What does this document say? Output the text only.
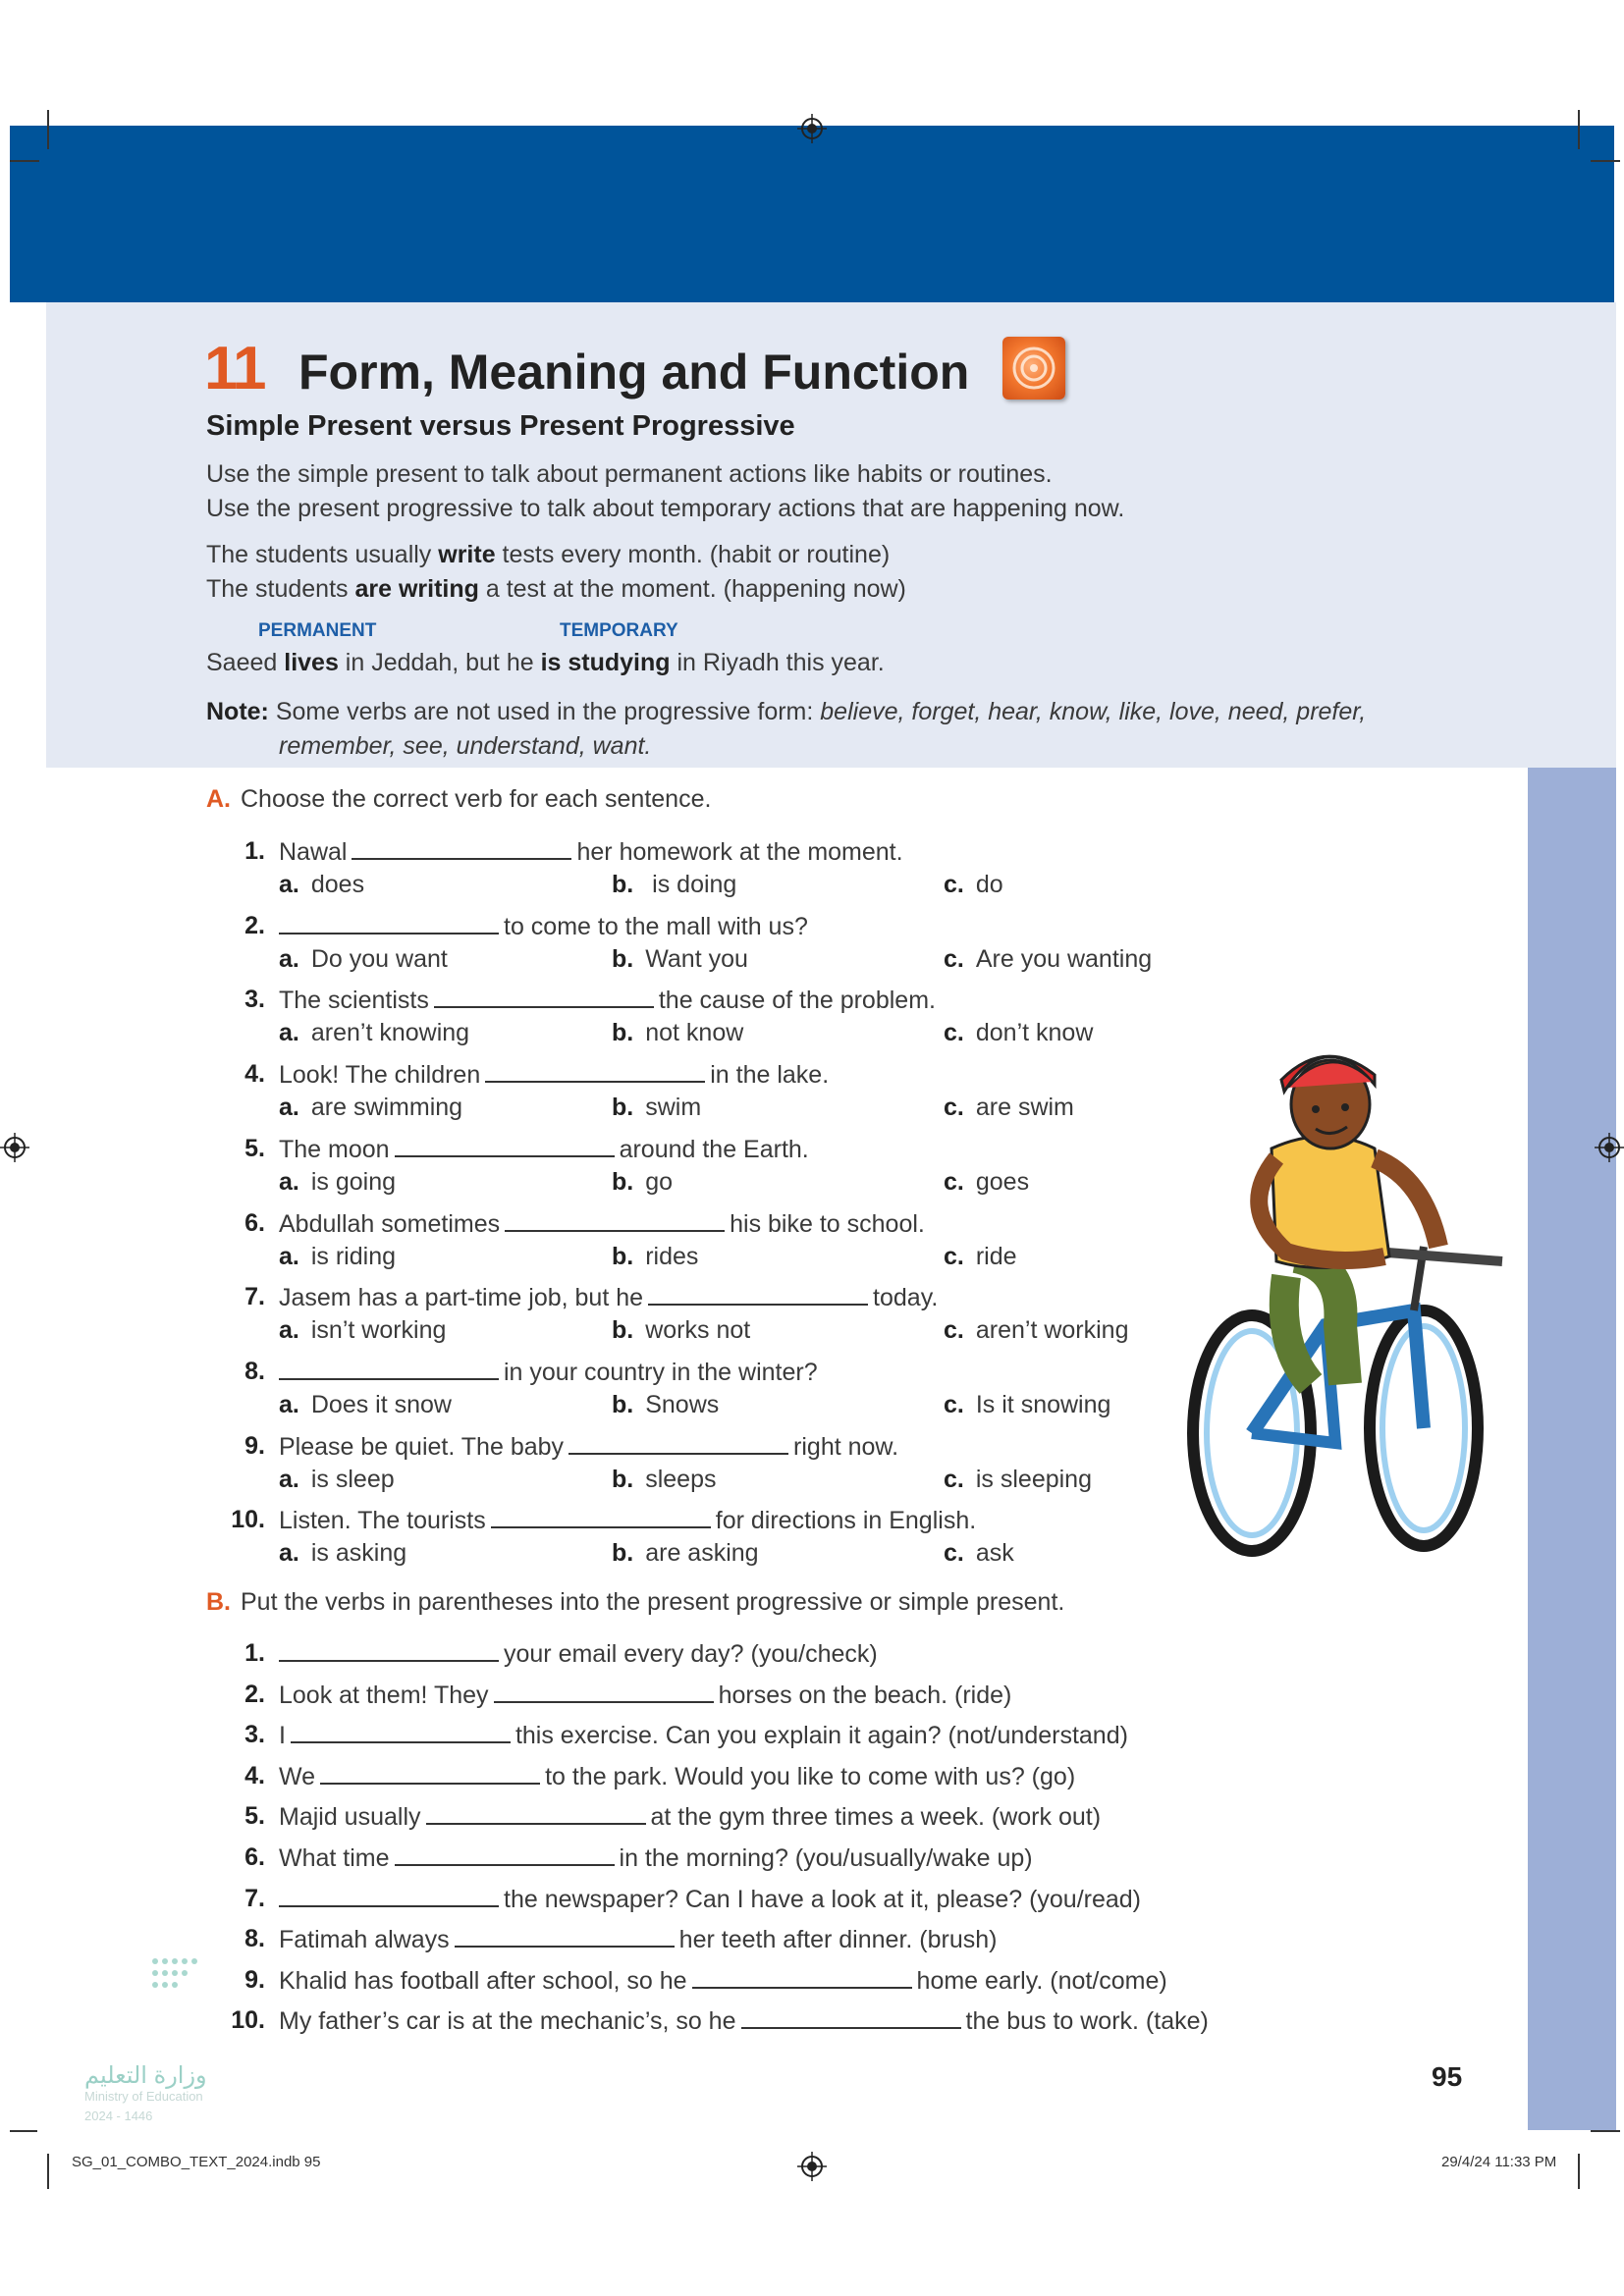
11 Form, Meaning and Function
Simple Present versus Present Progressive
Use the simple present to talk about permanent actions like habits or routines.
Use the present progressive to talk about temporary actions that are happening now.
The students usually write tests every month. (habit or routine)
The students are writing a test at the moment. (happening now)
PERMANENT	TEMPORARY
Saeed lives in Jeddah, but he is studying in Riyadh this year.
Note: Some verbs are not used in the progressive form: believe, forget, hear, know, like, love, need, prefer,
remember, see, understand, want.
A. Choose the correct verb for each sentence.
1. Nawal	her homework at the moment.
a. does	b. is doing	c. do
2.	to come to the mall with us?
a. Do you want	b. Want you	c. Are you wanting
3. The scientists	the cause of the problem.
a. aren’t knowing	b. not know	c. don’t know
4. Look! The children	in the lake.
a. are swimming	b. swim	c. are swim
5. The moon	around the Earth.
a. is going	b. go	c. goes
6. Abdullah sometimes	his bike to school.
a. is riding	b. rides	c. ride
7. Jasem has a part-time job, but he	today.
a. isn’t working	b. works not	c. aren’t working
8.	in your country in the winter?
a. Does it snow	b. Snows	c. Is it snowing
9. Please be quiet. The baby	right now.
a. is sleep	b. sleeps	c. is sleeping
10. Listen. The tourists	for directions in English.
a. is asking	b. are asking	c. ask
B. Put the verbs in parentheses into the present progressive or simple present.
1.	your email every day? (you/check)
2. Look at them! They	horses on the beach. (ride)
3. I	this exercise. Can you explain it again? (not/understand)
4. We	to the park. Would you like to come with us? (go)
5. Majid usually	at the gym three times a week. (work out)
6. What time	in the morning? (you/usually/wake up)
7.	the newspaper? Can I have a look at it, please? (you/read)
8. Fatimah always	her teeth after dinner. (brush)
9. Khalid has football after school, so he	home early. (not/come)
10. My father’s car is at the mechanic’s, so he	the bus to work. (take)
95
SG_01_COMBO_TEXT_2024.indb 95	29/4/24 11:33 PM
وزارة التعليم
Ministry of Education
2024 - 1446
